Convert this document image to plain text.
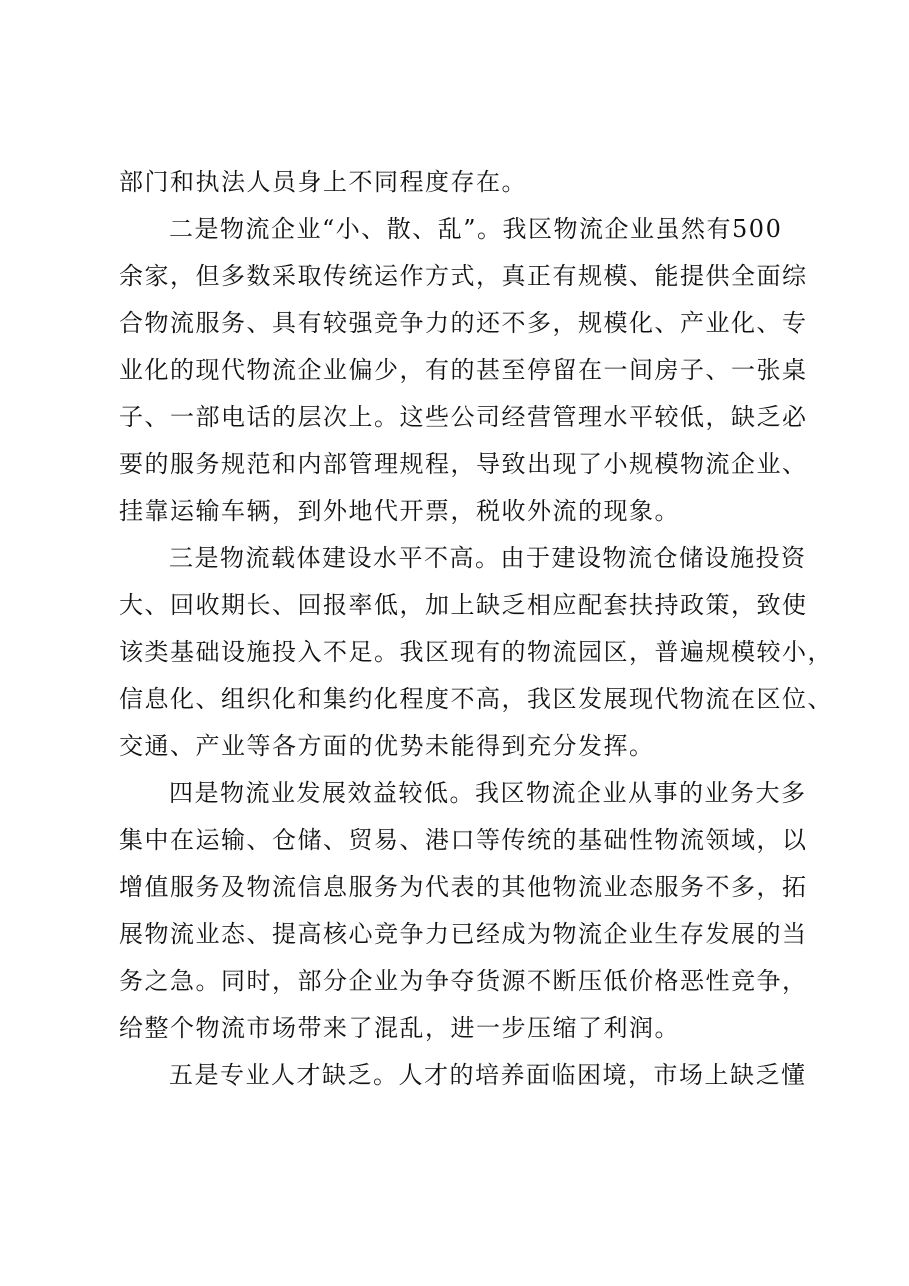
部门和执法人员身上不同程度存在。
二是物流企业“小、散、乱”。我区物流企业虽然有500
余家，但多数采取传统运作方式，真正有规模、能提供全面综
合物流服务、具有较强竞争力的还不多，规模化、产业化、专
业化的现代物流企业偏少，有的甚至停留在一间房子、一张桌
子、一部电话的层次上。这些公司经营管理水平较低，缺乏必
要的服务规范和内部管理规程，导致出现了小规模物流企业、
挂靠运输车辆，到外地代开票，税收外流的现象。
三是物流载体建设水平不高。由于建设物流仓储设施投资
大、回收期长、回报率低，加上缺乏相应配套扶持政策，致使
该类基础设施投入不足。我区现有的物流园区，普遍规模较小，
信息化、组织化和集约化程度不高，我区发展现代物流在区位、
交通、产业等各方面的优势未能得到充分发挥。
四是物流业发展效益较低。我区物流企业从事的业务大多
集中在运输、仓储、贸易、港口等传统的基础性物流领域，以
增值服务及物流信息服务为代表的其他物流业态服务不多，拓
展物流业态、提高核心竞争力已经成为物流企业生存发展的当
务之急。同时，部分企业为争夺货源不断压低价格恶性竞争，
给整个物流市场带来了混乱，进一步压缩了利润。
五是专业人才缺乏。人才的培养面临困境，市场上缺乏懂
